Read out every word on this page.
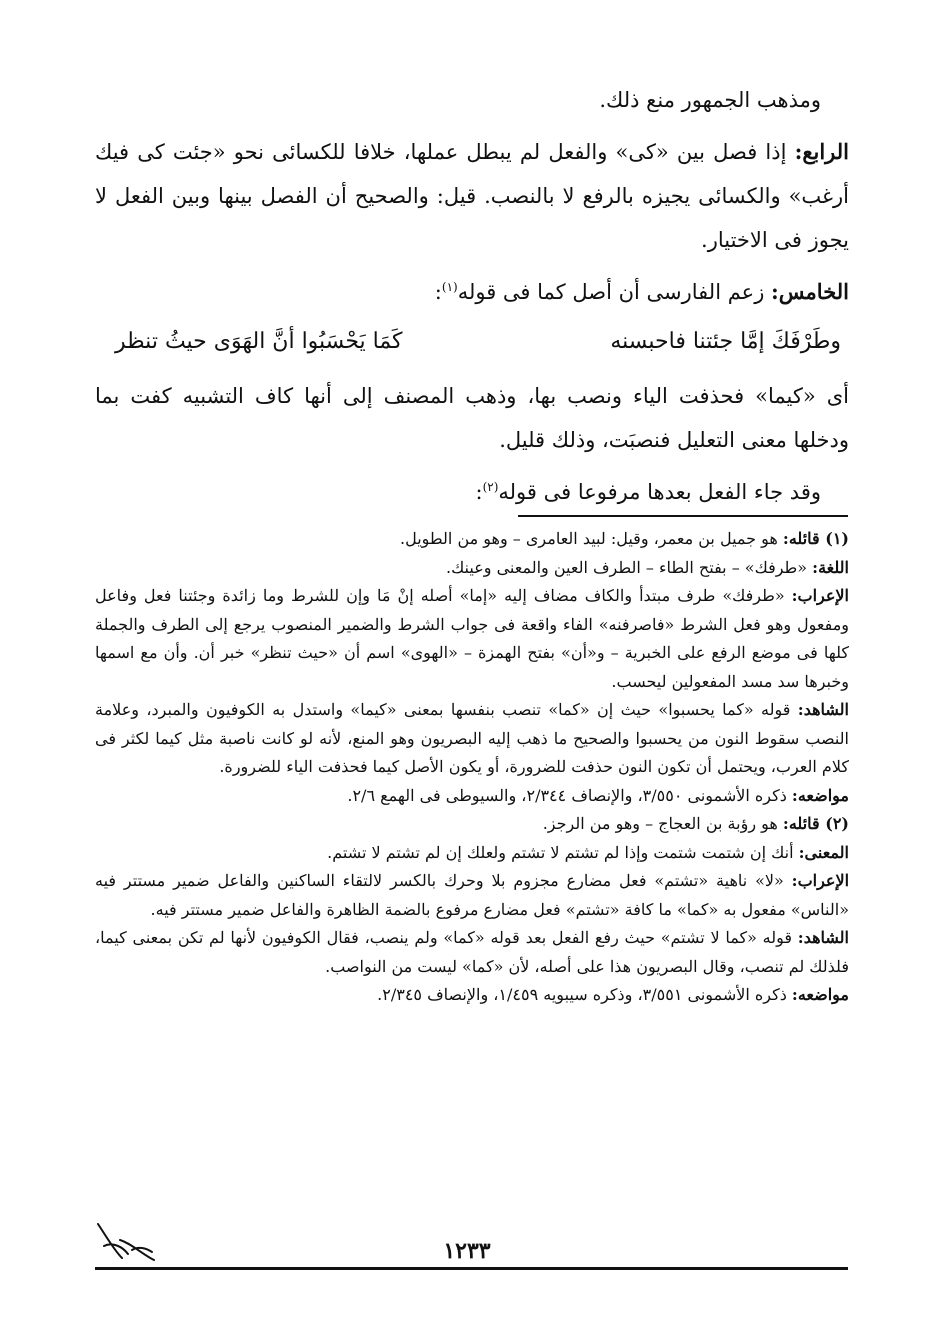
ومذهب الجمهور منع ذلك.

الرابع: إذا فصل بين «كى» والفعل لم يبطل عملها، خلافا للكسائى نحو «جئت كى فيك أرغب» والكسائى يجيزه بالرفع لا بالنصب. قيل: والصحيح أن الفصل بينها وبين الفعل لا يجوز فى الاختيار.

الخامس: زعم الفارسى أن أصل كما فى قوله$^{(١)}$:

وطَرْفَكَ إمَّا جئتنا فاحبسنه
كَمَا يَحْسَبُوا أنَّ الهَوَى حيثُ تنظر

أى «كيما» فحذفت الياء ونصب بها، وذهب المصنف إلى أنها كاف التشبيه كفت بما ودخلها معنى التعليل فنصبَت، وذلك قليل.

وقد جاء الفعل بعدها مرفوعا فى قوله$^{(٢)}$:

(١) قائله: هو جميل بن معمر، وقيل: لبيد العامرى – وهو من الطويل.

اللغة: «طرفك» – بفتح الطاء – الطرف العين والمعنى وعينك.

الإعراب: «طرفك» طرف مبتدأ والكاف مضاف إليه «إما» أصله إنْ مَا وإن للشرط وما زائدة وجئتنا فعل وفاعل ومفعول وهو فعل الشرط «فاصرفنه» الفاء واقعة فى جواب الشرط والضمير المنصوب يرجع إلى الطرف والجملة كلها فى موضع الرفع على الخبرية – و«أن» بفتح الهمزة – «الهوى» اسم أن «حيث تنظر» خبر أن. وأن مع اسمها وخبرها سد مسد المفعولين ليحسب.

الشاهد: قوله «كما يحسبوا» حيث إن «كما» تنصب بنفسها بمعنى «كيما» واستدل به الكوفيون والمبرد، وعلامة النصب سقوط النون من يحسبوا والصحيح ما ذهب إليه البصريون وهو المنع، لأنه لو كانت ناصبة مثل كيما لكثر فى كلام العرب، ويحتمل أن تكون النون حذفت للضرورة، أو يكون الأصل كيما فحذفت الياء للضرورة.

مواضعه: ذكره الأشمونى ٣/٥٥٠، والإنصاف ٢/٣٤٤، والسيوطى فى الهمع ٢/٦.

(٢) قائله: هو رؤبة بن العجاج – وهو من الرجز.

المعنى: أنك إن شتمت شتمت وإذا لم تشتم لا تشتم ولعلك إن لم تشتم لا تشتم.

الإعراب: «لا» ناهية «تشتم» فعل مضارع مجزوم بلا وحرك بالكسر لالتقاء الساكنين والفاعل ضمير مستتر فيه «الناس» مفعول به «كما» ما كافة «تشتم» فعل مضارع مرفوع بالضمة الظاهرة والفاعل ضمير مستتر فيه.

الشاهد: قوله «كما لا تشتم» حيث رفع الفعل بعد قوله «كما» ولم ينصب، فقال الكوفيون لأنها لم تكن بمعنى كيما، فلذلك لم تنصب، وقال البصريون هذا على أصله، لأن «كما» ليست من النواصب.

مواضعه: ذكره الأشمونى ٣/٥٥١، وذكره سيبويه ١/٤٥٩، والإنصاف ٢/٣٤٥.

١٢٣٣
